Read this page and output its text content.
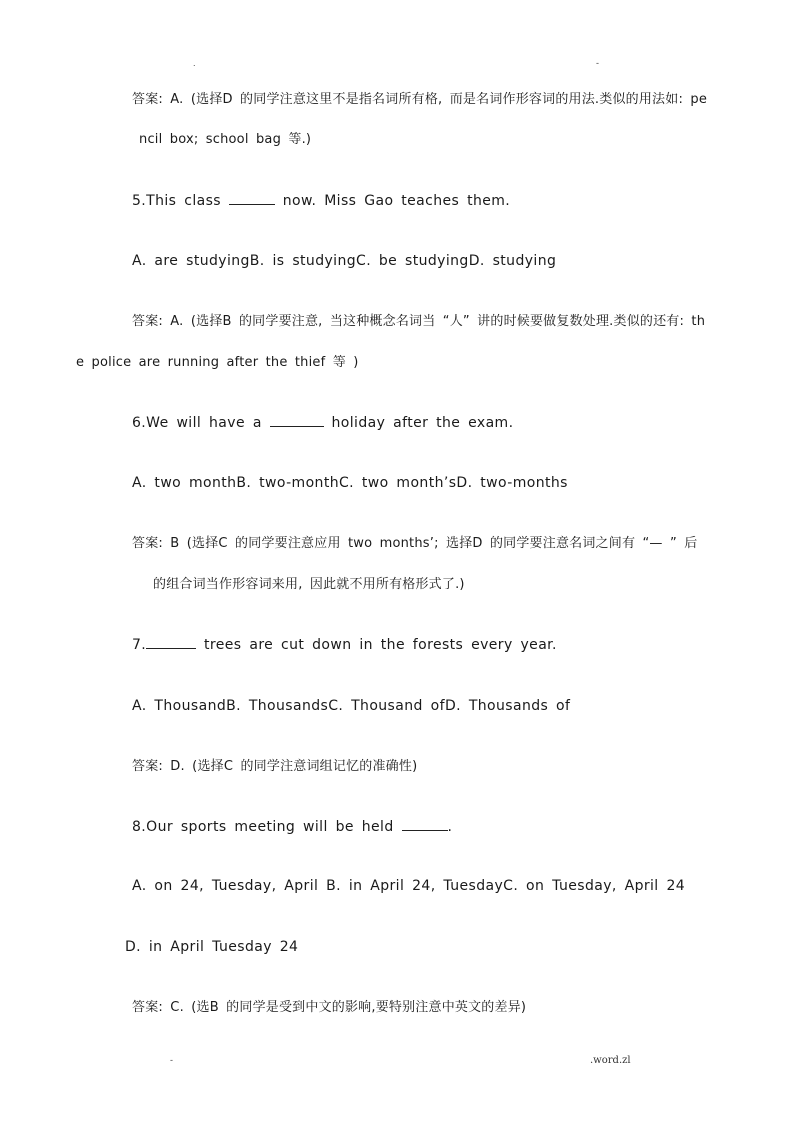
.	-
答案: A. (选择D 的同学注意这里不是指名词所有格, 而是名词作形容词的用法.类似的用法如: pe
ncil box; school bag 等.)
5.This class	now. Miss Gao teaches them.
A. are studyingB. is studyingC. be studyingD. studying
答案: A. (选择B 的同学要注意, 当这种概念名词当 “人” 讲的时候要做复数处理.类似的还有: th
e police are running after the thief 等 )
6.We will have a	holiday after the exam.
A. two monthB. two-monthC. two month’sD. two-months
答案: B (选择C 的同学要注意应用 two months’; 选择D 的同学要注意名词之间有 “— ” 后
的组合词当作形容词来用, 因此就不用所有格形式了.)
7.	trees are cut down in the forests every year.
A. ThousandB. ThousandsC. Thousand ofD. Thousands of
答案: D. (选择C 的同学注意词组记忆的准确性)
8.Our sports meeting will be held	.
A. on 24, Tuesday, April B. in April 24, TuesdayC. on Tuesday, April 24
D. in April Tuesday 24
答案: C. (选B 的同学是受到中文的影响,要特别注意中英文的差异)
-	.word.zl
